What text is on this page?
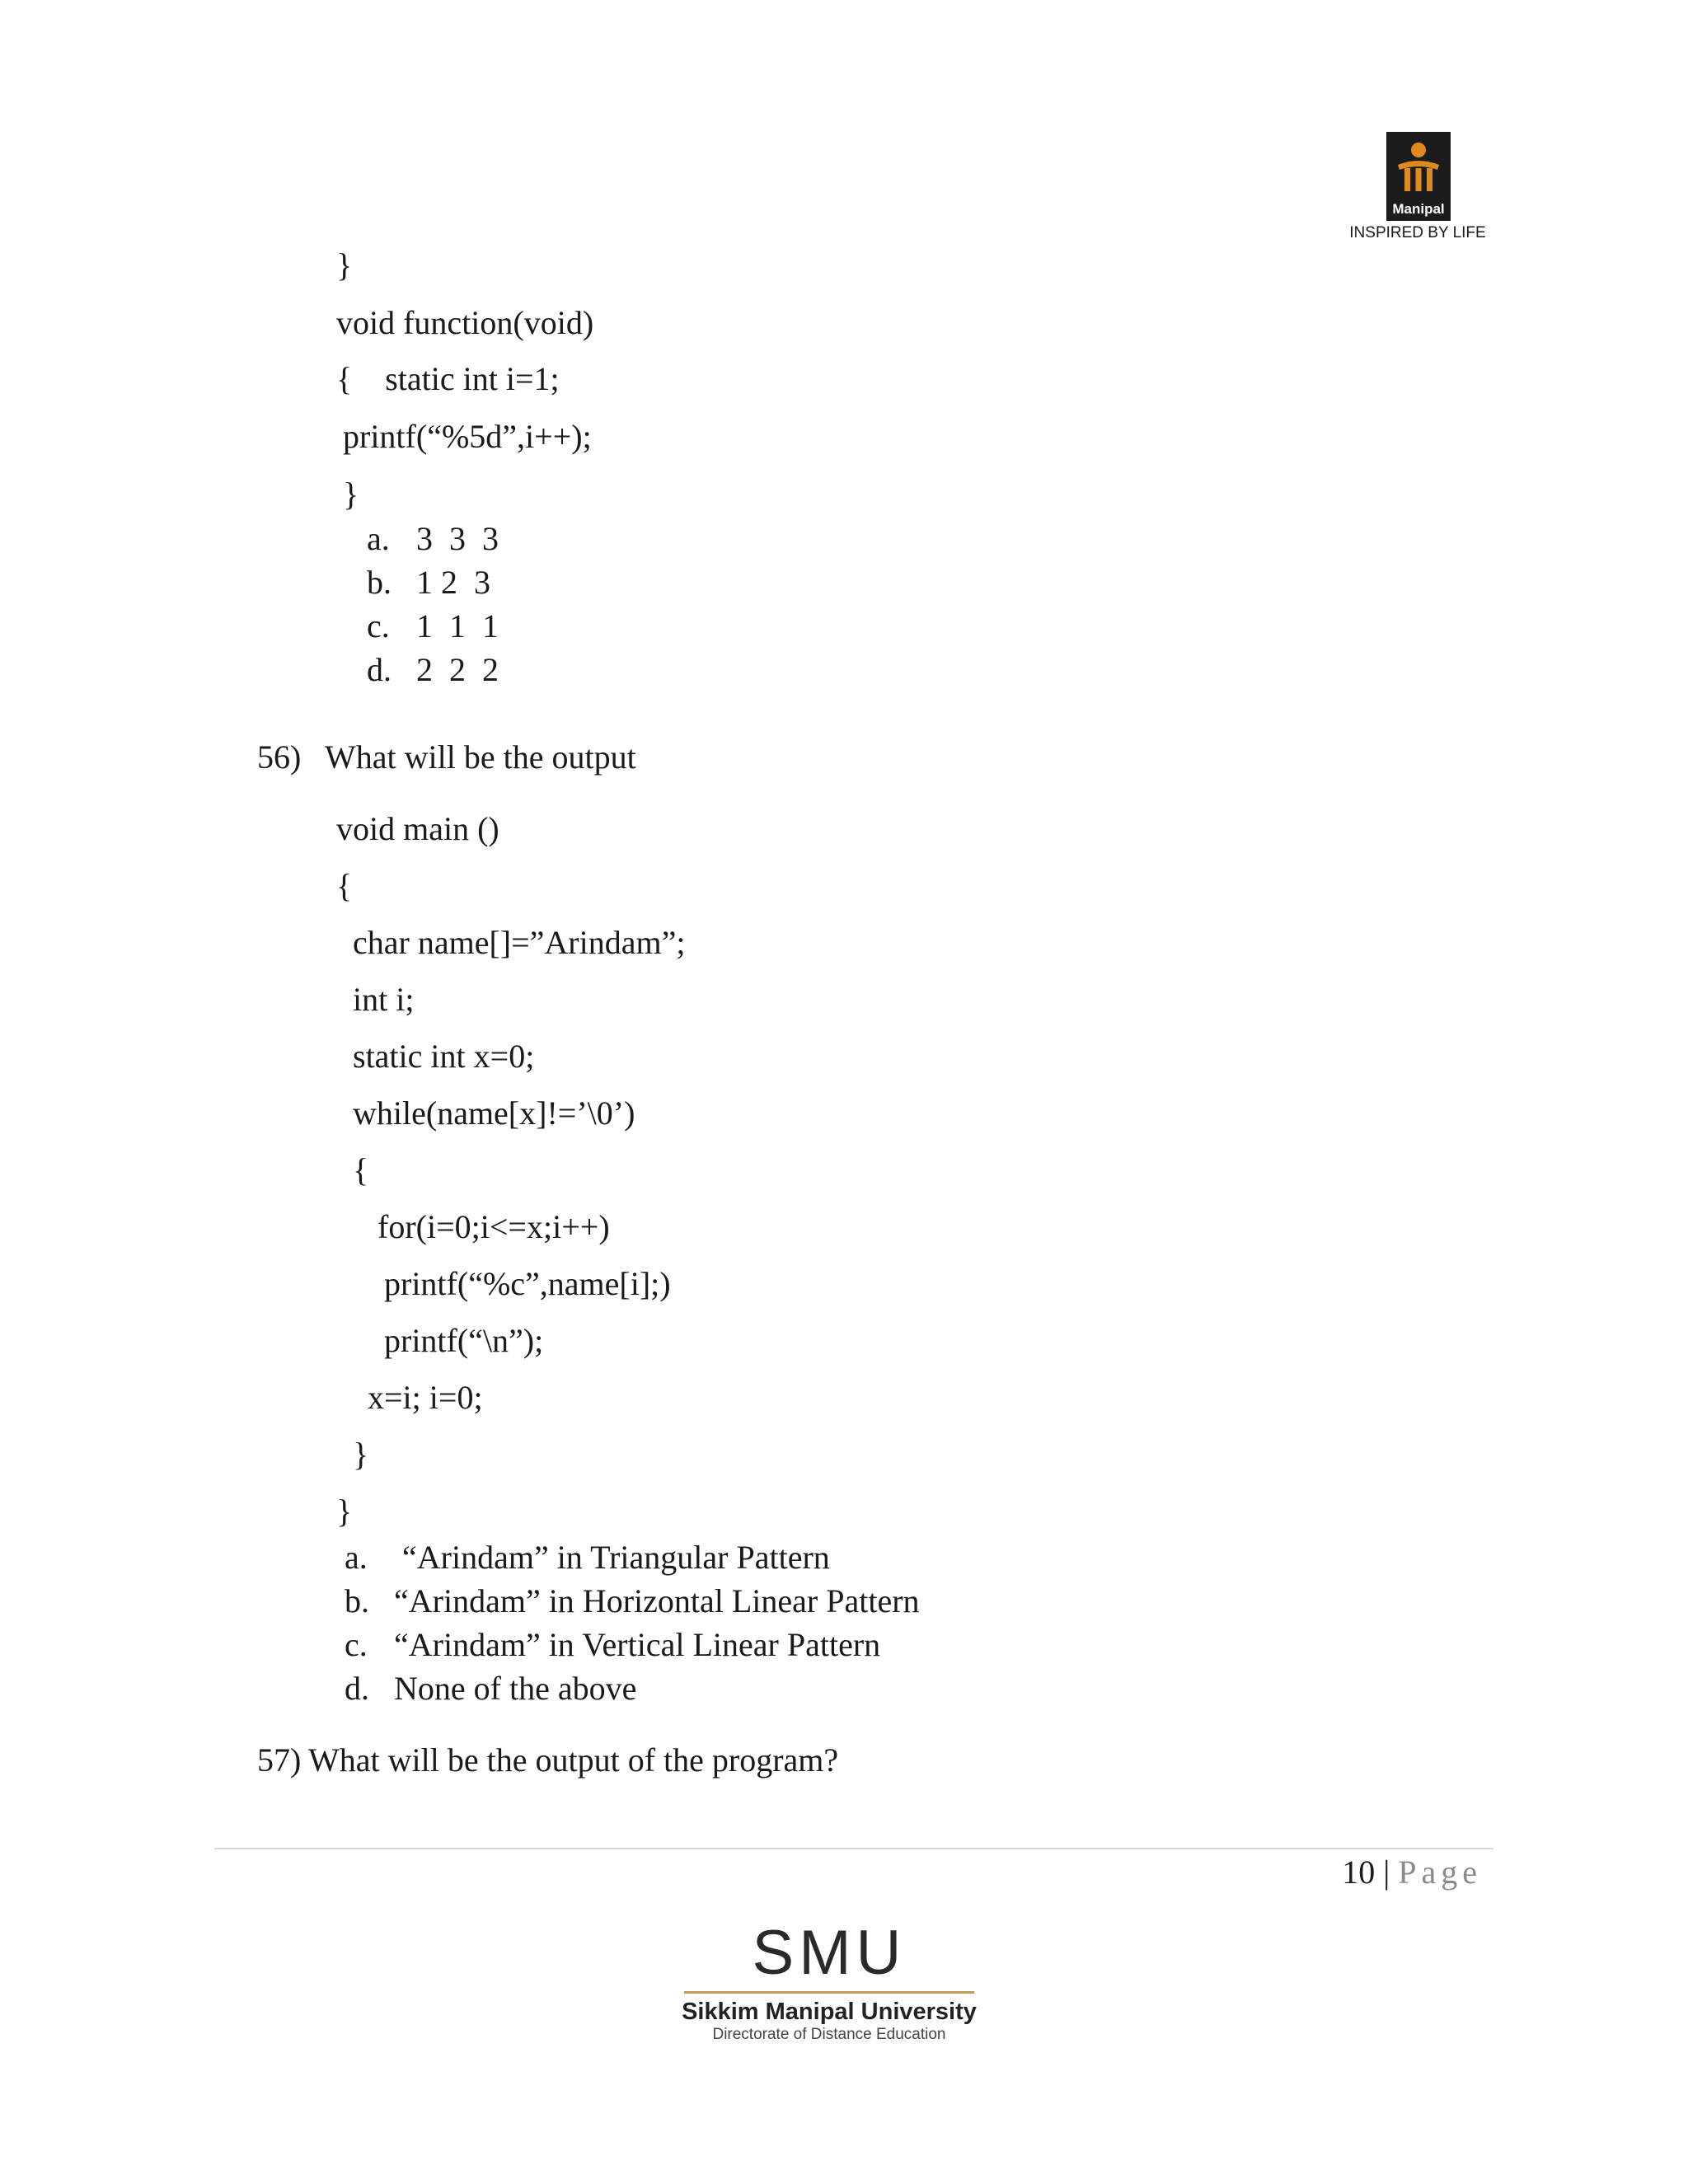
Manipal
INSPIRED BY LIFE
}
void function(void)
{    static int i=1;
printf(“%5d”,i++);
}
a. 3  3  3
b. 1 2  3
c. 1  1  1
d. 2  2  2
56) What will be the output
void main ()
{
char name[]=”Arindam”;
int i;
static int x=0;
while(name[x]!=’\0’)
{
for(i=0;i<=x;i++)
printf(“%c”,name[i];)
printf(“\n”);
x=i; i=0;
}
}
a. “Arindam” in Triangular Pattern
b. “Arindam” in Horizontal Linear Pattern
c. “Arindam” in Vertical Linear Pattern
d. None of the above
57) What will be the output of the program?
10 | Page
SMU
Sikkim Manipal University
Directorate of Distance Education
